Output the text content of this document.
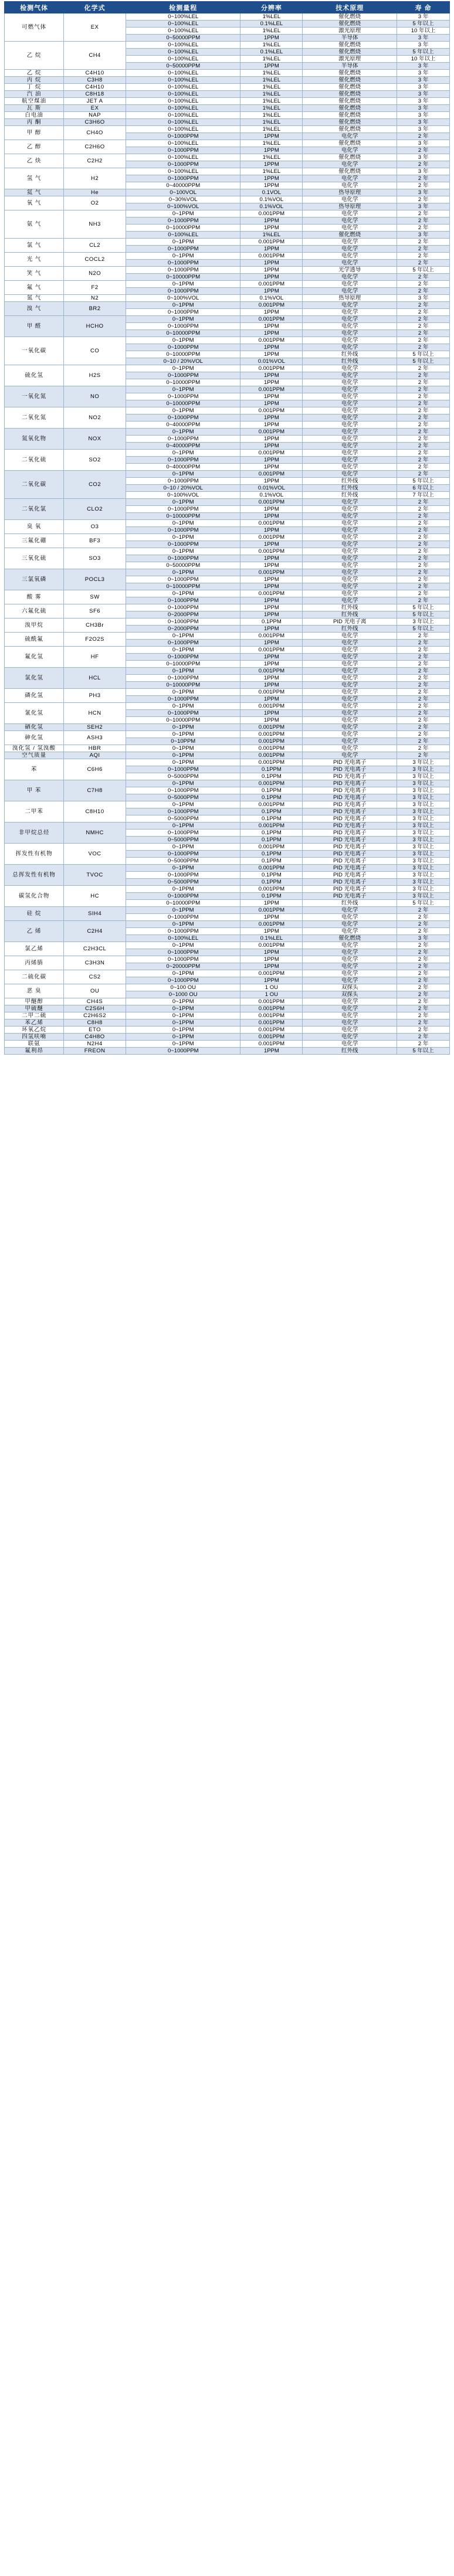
检测气体	化学式	检测量程	分辨率	技术原理	寿 命
可燃气体	EX	0~100%LEL	1%LEL	催化燃烧	3 年
		0~100%LEL	0.1%LEL	催化燃烧	5 年以上
		0~100%LEL	1%LEL	激光原理	10 年以上
		0~50000PPM	1PPM	半导体	3 年
乙 烷	CH4	0~100%LEL	1%LEL	催化燃烧	3 年
		0~100%LEL	0.1%LEL	催化燃烧	5 年以上
		0~100%LEL	1%LEL	激光原理	10 年以上
		0~50000PPM	1PPM	半导体	3 年
乙 烷	C4H10	0~100%LEL	1%LEL	催化燃烧	3 年
丙 烷	C3H8	0~100%LEL	1%LEL	催化燃烧	3 年
丁 烷	C4H10	0~100%LEL	1%LEL	催化燃烧	3 年
汽 油	C8H18	0~100%LEL	1%LEL	催化燃烧	3 年
航空煤油	JET A	0~100%LEL	1%LEL	催化燃烧	3 年
瓦 斯	EX	0~100%LEL	1%LEL	催化燃烧	3 年
白电油	NAP	0~100%LEL	1%LEL	催化燃烧	3 年
丙 酮	C3H6O	0~100%LEL	1%LEL	催化燃烧	3 年
甲 醇	CH4O	0~100%LEL	1%LEL	催化燃烧	3 年
		0~1000PPM	1PPM	电化学	2 年
乙 醇	C2H6O	0~100%LEL	1%LEL	催化燃烧	3 年
		0~1000PPM	1PPM	电化学	2 年
乙 炔	C2H2	0~100%LEL	1%LEL	催化燃烧	3 年
		0~1000PPM	1PPM	电化学	2 年
氢 气	H2	0~100%LEL	1%LEL	催化燃烧	3 年
		0~1000PPM	1PPM	电化学	2 年
		0~40000PPM	1PPM	电化学	2 年
氦 气	He	0~100VOL	0.1VOL	热导原理	3 年
氧 气	O2	0~30%VOL	0.1%VOL	电化学	2 年
		0~100%VOL	0.1%VOL	热导原理	3 年
氨 气	NH3	0~1PPM	0.001PPM	电化学	2 年
		0~1000PPM	1PPM	电化学	2 年
		0~10000PPM	1PPM	电化学	2 年
		0~100%LEL	1%LEL	催化燃烧	3 年
氯 气	CL2	0~1PPM	0.001PPM	电化学	2 年
		0~1000PPM	1PPM	电化学	2 年
光 气	COCL2	0~1PPM	0.001PPM	电化学	2 年
		0~1000PPM	1PPM	电化学	2 年
笑 气	N2O	0~1000PPM	1PPM	光学透导	5 年以上
		0~10000PPM	1PPM	电化学	2 年
氟 气	F2	0~1PPM	0.001PPM	电化学	2 年
		0~1000PPM	1PPM	电化学	2 年
氮 气	N2	0~100%VOL	0.1%VOL	热导原理	3 年
溴 气	BR2	0~1PPM	0.001PPM	电化学	2 年
		0~1000PPM	1PPM	电化学	2 年
甲 醛	HCHO	0~1PPM	0.001PPM	电化学	2 年
		0~1000PPM	1PPM	电化学	2 年
		0~10000PPM	1PPM	电化学	2 年
一氧化碳	CO	0~1PPM	0.001PPM	电化学	2 年
		0~1000PPM	1PPM	电化学	2 年
		0~10000PPM	1PPM	红外线	5 年以上
		0~10 / 20%VOL	0.01%VOL	红外线	5 年以上
硫化氢	H2S	0~1PPM	0.001PPM	电化学	2 年
		0~1000PPM	1PPM	电化学	2 年
		0~10000PPM	1PPM	电化学	2 年
一氧化氮	NO	0~1PPM	0.001PPM	电化学	2 年
		0~1000PPM	1PPM	电化学	2 年
		0~10000PPM	1PPM	电化学	2 年
二氧化氮	NO2	0~1PPM	0.001PPM	电化学	2 年
		0~1000PPM	1PPM	电化学	2 年
		0~40000PPM	1PPM	电化学	2 年
氮氧化物	NOX	0~1PPM	0.001PPM	电化学	2 年
		0~1000PPM	1PPM	电化学	2 年
		0~40000PPM	1PPM	电化学	2 年
二氧化硫	SO2	0~1PPM	0.001PPM	电化学	2 年
		0~1000PPM	1PPM	电化学	2 年
		0~40000PPM	1PPM	电化学	2 年
二氧化碳	CO2	0~1PPM	0.001PPM	电化学	2 年
		0~1000PPM	1PPM	红外线	5 年以上
		0~10 / 20%VOL	0.01%VOL	红外线	6 年以上
		0~100%VOL	0.1%VOL	红外线	7 年以上
二氧化氯	CLO2	0~1PPM	0.001PPM	电化学	2 年
		0~1000PPM	1PPM	电化学	2 年
		0~10000PPM	1PPM	电化学	2 年
臭 氧	O3	0~1PPM	0.001PPM	电化学	2 年
		0~1000PPM	1PPM	电化学	2 年
三氟化硼	BF3	0~1PPM	0.001PPM	电化学	2 年
		0~1000PPM	1PPM	电化学	2 年
三氧化硫	SO3	0~1PPM	0.001PPM	电化学	2 年
		0~1000PPM	1PPM	电化学	2 年
		0~50000PPM	1PPM	电化学	2 年
三氯氧磷	POCL3	0~1PPM	0.001PPM	电化学	2 年
		0~1000PPM	1PPM	电化学	2 年
		0~10000PPM	1PPM	电化学	2 年
酸 雾	SW	0~1PPM	0.001PPM	电化学	2 年
		0~1000PPM	1PPM	电化学	2 年
六氟化硫	SF6	0~1000PPM	1PPM	红外线	5 年以上
		0~2000PPM	1PPM	红外线	5 年以上
溴甲烷	CH3Br	0~1000PPM	0.1PPM	PID 光电子离	3 年以上
		0~2000PPM	1PPM	红外线	5 年以上
硫酰氟	F2O2S	0~1PPM	0.001PPM	电化学	2 年
		0~1000PPM	1PPM	电化学	2 年
氟化氢	HF	0~1PPM	0.001PPM	电化学	2 年
		0~1000PPM	1PPM	电化学	2 年
		0~10000PPM	1PPM	电化学	2 年
氯化氢	HCL	0~1PPM	0.001PPM	电化学	2 年
		0~1000PPM	1PPM	电化学	2 年
		0~10000PPM	1PPM	电化学	2 年
磷化氢	PH3	0~1PPM	0.001PPM	电化学	2 年
		0~1000PPM	1PPM	电化学	2 年
氰化氢	HCN	0~1PPM	0.001PPM	电化学	2 年
		0~1000PPM	1PPM	电化学	2 年
		0~10000PPM	1PPM	电化学	2 年
硒化氢	SEH2	0~1PPM	0.001PPM	电化学	2 年
砷化氢	ASH3	0~1PPM	0.001PPM	电化学	2 年
		0~10PPM	0.001PPM	电化学	2 年
溴化氢 / 氢溴酸	HBR	0~1PPM	0.001PPM	电化学	2 年
空气质量	AQI	0~1PPM	0.001PPM	电化学	2 年
苯	C6H6	0~1PPM	0.001PPM	PID 光电离子	3 年以上
		0~1000PPM	0.1PPM	PID 光电离子	3 年以上
		0~5000PPM	0.1PPM	PID 光电离子	3 年以上
甲 苯	C7H8	0~1PPM	0.001PPM	PID 光电离子	3 年以上
		0~1000PPM	0.1PPM	PID 光电离子	3 年以上
		0~5000PPM	0.1PPM	PID 光电离子	3 年以上
二甲苯	C8H10	0~1PPM	0.001PPM	PID 光电离子	3 年以上
		0~1000PPM	0.1PPM	PID 光电离子	3 年以上
		0~5000PPM	0.1PPM	PID 光电离子	3 年以上
非甲烷总烃	NMHC	0~1PPM	0.001PPM	PID 光电离子	3 年以上
		0~1000PPM	0.1PPM	PID 光电离子	3 年以上
		0~5000PPM	0.1PPM	PID 光电离子	3 年以上
挥发性有机物	VOC	0~1PPM	0.001PPM	PID 光电离子	3 年以上
		0~1000PPM	0.1PPM	PID 光电离子	3 年以上
		0~5000PPM	0.1PPM	PID 光电离子	3 年以上
总挥发性有机物	TVOC	0~1PPM	0.001PPM	PID 光电离子	3 年以上
		0~1000PPM	0.1PPM	PID 光电离子	3 年以上
		0~5000PPM	0.1PPM	PID 光电离子	3 年以上
碳氢化合物	HC	0~1PPM	0.001PPM	PID 光电离子	3 年以上
		0~1000PPM	0.1PPM	PID 光电离子	3 年以上
		0~10000PPM	1PPM	红外线	5 年以上
硅 烷	SIH4	0~1PPM	0.001PPM	电化学	2 年
		0~1000PPM	1PPM	电化学	2 年
乙 烯	C2H4	0~1PPM	0.001PPM	电化学	2 年
		0~1000PPM	1PPM	电化学	2 年
		0~100%LEL	0.1%LEL	催化燃烧	3 年
氯乙烯	C2H3CL	0~1PPM	0.001PPM	电化学	2 年
		0~1000PPM	1PPM	电化学	2 年
丙烯腈	C3H3N	0~1000PPM	1PPM	电化学	2 年
		0~20000PPM	1PPM	电化学	2 年
二硫化碳	CS2	0~1PPM	0.001PPM	电化学	2 年
		0~1000PPM	1PPM	电化学	2 年
恶 臭	OU	0~100 OU	1 OU	双探头	2 年
		0~1000 OU	1 OU	双探头	2 年
甲醚醇	CH4S	0~1PPM	0.001PPM	电化学	2 年
甲硫醚	C2S6H	0~1PPM	0.001PPM	电化学	2 年
二甲二硫	C2H6S2	0~1PPM	0.001PPM	电化学	2 年
苯乙烯	C8H8	0~1PPM	0.001PPM	电化学	2 年
环氧乙烷	ETO	0~1PPM	0.001PPM	电化学	2 年
四氢呋喃	C4H8O	0~1PPM	0.001PPM	电化学	2 年
联氨	N2H4	0~1PPM	0.001PPM	电化学	2 年
氟利昂	FREON	0~1000PPM	1PPM	红外线	5 年以上
